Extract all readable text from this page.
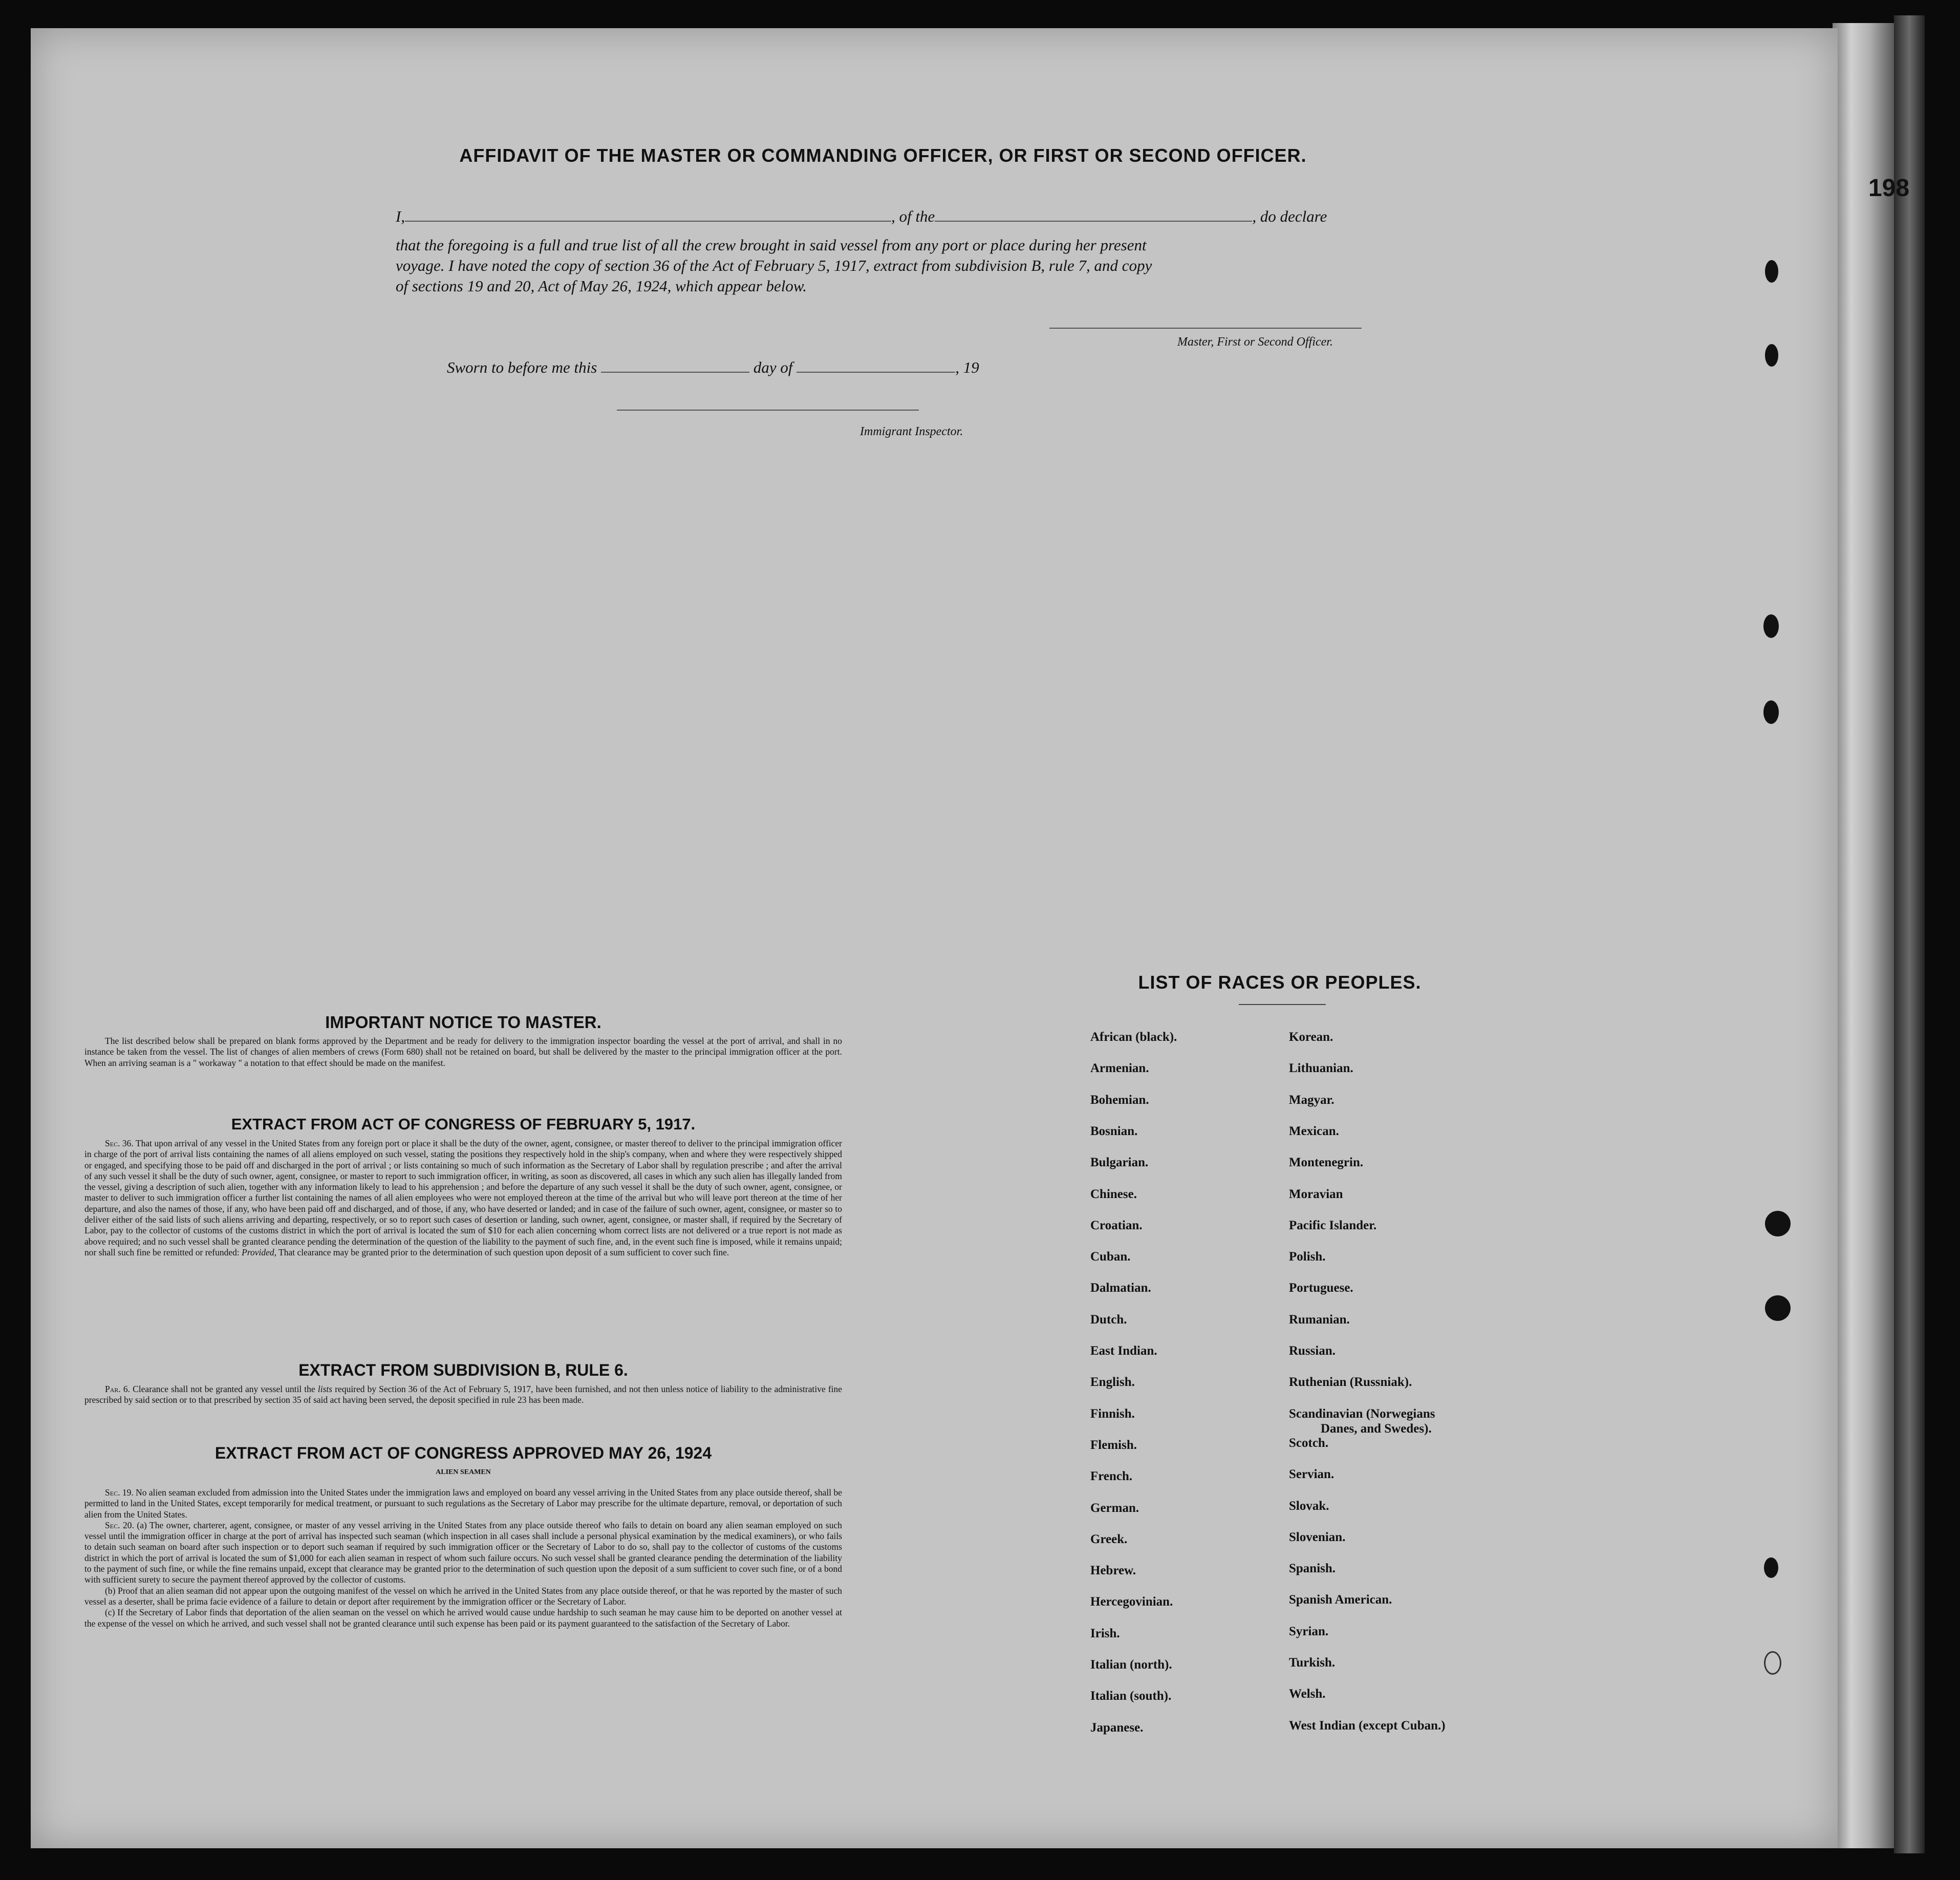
198
AFFIDAVIT OF THE MASTER OR COMMANDING OFFICER, OR FIRST OR SECOND OFFICER.
I,	, of the	, do declare
that the foregoing is a full and true list of all the crew brought in said vessel from any port or place during her present
voyage. I have noted the copy of section 36 of the Act of February 5, 1917, extract from subdivision B, rule 7, and copy
of sections 19 and 20, Act of May 26, 1924, which appear below.
Master, First or Second Officer.
Sworn to before me this	day of	, 19
Immigrant Inspector.
IMPORTANT NOTICE TO MASTER.

The list described below shall be prepared on blank forms approved by the Department and be ready for delivery to the immigration inspector boarding the vessel at the port of arrival, and shall in no instance be taken from the vessel. The list of changes of alien members of crews (Form 680) shall not be retained on board, but shall be delivered by the master to the principal immigration officer at the port. When an arriving seaman is a " workaway " a notation to that effect should be made on the manifest.

EXTRACT FROM ACT OF CONGRESS OF FEBRUARY 5, 1917.

Sec. 36. That upon arrival of any vessel in the United States from any foreign port or place it shall be the duty of the owner, agent, consignee, or master thereof to deliver to the principal immigration officer in charge of the port of arrival lists containing the names of all aliens employed on such vessel, stating the positions they respectively hold in the ship's company, when and where they were respectively shipped or engaged, and specifying those to be paid off and discharged in the port of arrival ; or lists containing so much of such information as the Secretary of Labor shall by regulation prescribe ; and after the arrival of any such vessel it shall be the duty of such owner, agent, consignee, or master to report to such immigration officer, in writing, as soon as discovered, all cases in which any such alien has illegally landed from the vessel, giving a description of such alien, together with any information likely to lead to his apprehension ; and before the departure of any such vessel it shall be the duty of such owner, agent, consignee, or master to deliver to such immigration officer a further list containing the names of all alien employees who were not employed thereon at the time of the arrival but who will leave port thereon at the time of her departure, and also the names of those, if any, who have been paid off and discharged, and of those, if any, who have deserted or landed; and in case of the failure of such owner, agent, consignee, or master so to deliver either of the said lists of such aliens arriving and departing, respectively, or so to report such cases of desertion or landing, such owner, agent, consignee, or master shall, if required by the Secretary of Labor, pay to the collector of customs of the customs district in which the port of arrival is located the sum of $10 for each alien concerning whom correct lists are not delivered or a true report is not made as above required; and no such vessel shall be granted clearance pending the determination of the question of the liability to the payment of such fine, and, in the event such fine is imposed, while it remains unpaid; nor shall such fine be remitted or refunded: Provided, That clearance may be granted prior to the determination of such question upon deposit of a sum sufficient to cover such fine.

EXTRACT FROM SUBDIVISION B, RULE 6.

Par. 6. Clearance shall not be granted any vessel until the lists required by Section 36 of the Act of February 5, 1917, have been furnished, and not then unless notice of liability to the administrative fine prescribed by said section or to that prescribed by section 35 of said act having been served, the deposit specified in rule 23 has been made.

EXTRACT FROM ACT OF CONGRESS APPROVED MAY 26, 1924
ALIEN SEAMEN

Sec. 19. No alien seaman excluded from admission into the United States under the immigration laws and employed on board any vessel arriving in the United States from any place outside thereof, shall be permitted to land in the United States, except temporarily for medical treatment, or pursuant to such regulations as the Secretary of Labor may prescribe for the ultimate departure, removal, or deportation of such alien from the United States.

Sec. 20. (a) The owner, charterer, agent, consignee, or master of any vessel arriving in the United States from any place outside thereof who fails to detain on board any alien seaman employed on such vessel until the immigration officer in charge at the port of arrival has inspected such seaman (which inspection in all cases shall include a personal physical examination by the medical examiners), or who fails to detain such seaman on board after such inspection or to deport such seaman if required by such immigration officer or the Secretary of Labor to do so, shall pay to the collector of customs of the customs district in which the port of arrival is located the sum of $1,000 for each alien seaman in respect of whom such failure occurs. No such vessel shall be granted clearance pending the determination of the liability to the payment of such fine, or while the fine remains unpaid, except that clearance may be granted prior to the determination of such question upon the deposit of a sum sufficient to cover such fine, or of a bond with sufficient surety to secure the payment thereof approved by the collector of customs.

(b) Proof that an alien seaman did not appear upon the outgoing manifest of the vessel on which he arrived in the United States from any place outside thereof, or that he was reported by the master of such vessel as a deserter, shall be prima facie evidence of a failure to detain or deport after requirement by the immigration officer or the Secretary of Labor.

(c) If the Secretary of Labor finds that deportation of the alien seaman on the vessel on which he arrived would cause undue hardship to such seaman he may cause him to be deported on another vessel at the expense of the vessel on which he arrived, and such vessel shall not be granted clearance until such expense has been paid or its payment guaranteed to the satisfaction of the Secretary of Labor.

LIST OF RACES OR PEOPLES.
African (black).
Armenian.
Bohemian.
Bosnian.
Bulgarian.
Chinese.
Croatian.
Cuban.
Dalmatian.
Dutch.
East Indian.
English.
Finnish.
Flemish.
French.
German.
Greek.
Hebrew.
Hercegovinian.
Irish.
Italian (north).
Italian (south).
Japanese.
Korean.
Lithuanian.
Magyar.
Mexican.
Montenegrin.
Moravian
Pacific Islander.
Polish.
Portuguese.
Rumanian.
Russian.
Ruthenian (Russniak).
Scandinavian (Norwegians
Danes, and Swedes).
Scotch.
Servian.
Slovak.
Slovenian.
Spanish.
Spanish American.
Syrian.
Turkish.
Welsh.
West Indian (except Cuban.)
